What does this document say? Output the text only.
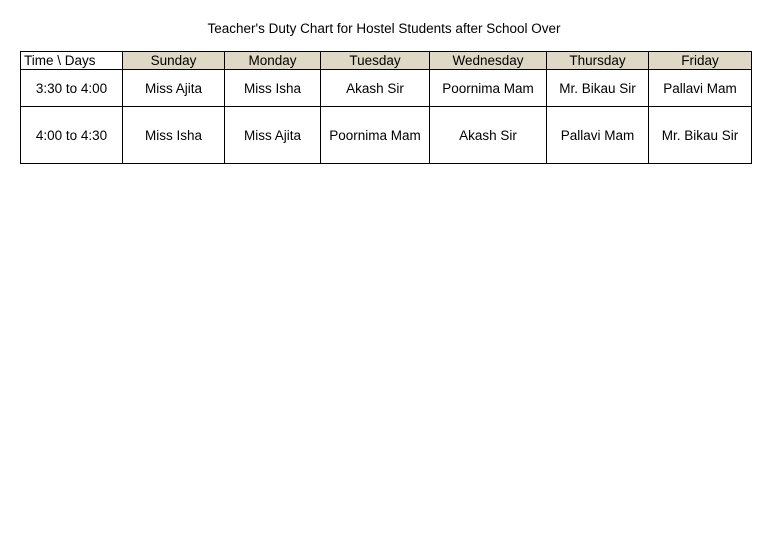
Teacher's Duty Chart for Hostel Students after School Over
Time \ Days	Sunday	Monday	Tuesday	Wednesday	Thursday	Friday
3:30 to 4:00	Miss Ajita	Miss Isha	Akash Sir	Poornima Mam	Mr. Bikau Sir	Pallavi Mam
4:00 to 4:30	Miss Isha	Miss Ajita	Poornima Mam	Akash Sir	Pallavi Mam	Mr. Bikau Sir
